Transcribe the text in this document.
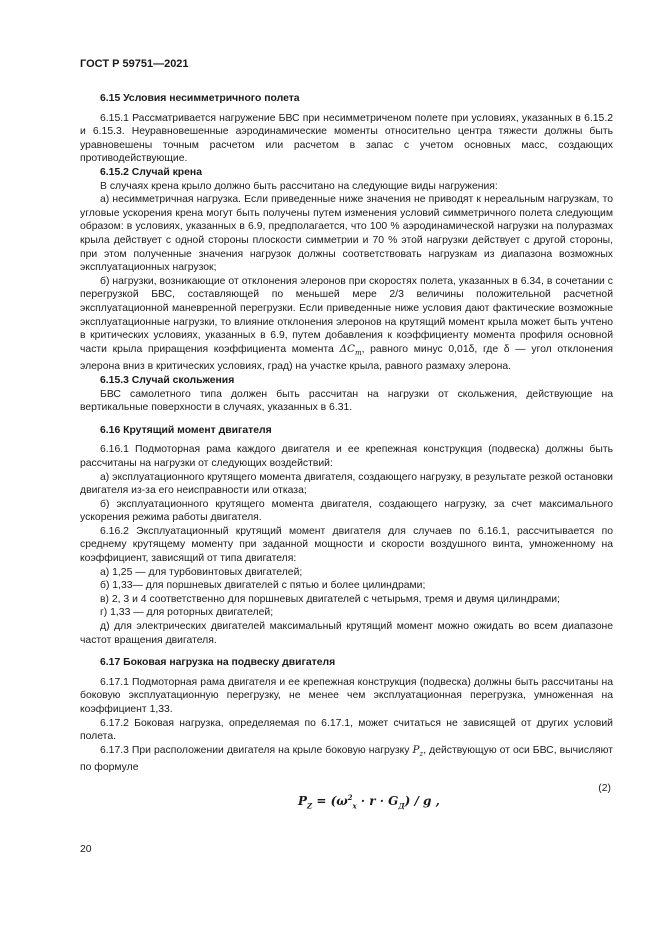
ГОСТ Р 59751—2021

6.15 Условия несимметричного полета

6.15.1 Рассматривается нагружение БВС при несимметриченом полете при условиях, указанных в 6.15.2 и 6.15.3. Неуравновешенные аэродинамические моменты относительно центра тяжести должны быть уравновешены точным расчетом или расчетом в запас с учетом основных масс, создающих противодействующие.

6.15.2 Случай крена

В случаях крена крыло должно быть рассчитано на следующие виды нагружения:

а) несимметричная нагрузка. Если приведенные ниже значения не приводят к нереальным нагрузкам, то угловые ускорения крена могут быть получены путем изменения условий симметричного полета следующим образом: в условиях, указанных в 6.9, предполагается, что 100 % аэродинамической нагрузки на полуразмах крыла действует с одной стороны плоскости симметрии и 70 % этой нагрузки действует с другой стороны, при этом полученные значения нагрузок должны соответствовать нагрузкам из диапазона возможных эксплуатационных нагрузок;

б) нагрузки, возникающие от отклонения элеронов при скоростях полета, указанных в 6.34, в сочетании с перегрузкой БВС, составляющей по меньшей мере 2/3 величины положительной расчетной эксплуатационной маневренной перегрузки. Если приведенные ниже условия дают фактические возможные эксплуатационные нагрузки, то влияние отклонения элеронов на крутящий момент крыла может быть учтено в критических условиях, указанных в 6.9, путем добавления к коэффициенту момента профиля основной части крыла приращения коэффициента момента $\Delta C_m$, равного минус 0,01δ, где δ — угол отклонения элерона вниз в критических условиях, град) на участке крыла, равного размаху элерона.

6.15.3 Случай скольжения

БВС самолетного типа должен быть рассчитан на нагрузки от скольжения, действующие на вертикальные поверхности в случаях, указанных в 6.31.

6.16 Крутящий момент двигателя

6.16.1 Подмоторная рама каждого двигателя и ее крепежная конструкция (подвеска) должны быть рассчитаны на нагрузки от следующих воздействий:

а) эксплуатационного крутящего момента двигателя, создающего нагрузку, в результате резкой остановки двигателя из-за его неисправности или отказа;

б) эксплуатационного крутящего момента двигателя, создающего нагрузку, за счет максимального ускорения режима работы двигателя.

6.16.2 Эксплуатационный крутящий момент двигателя для случаев по 6.16.1, рассчитывается по среднему крутящему моменту при заданной мощности и скорости воздушного винта, умноженному на коэффициент, зависящий от типа двигателя:

а) 1,25 — для турбовинтовых двигателей;

б) 1,33— для поршневых двигателей с пятью и более цилиндрами;

в) 2, 3 и 4 соответственно для поршневых двигателей с четырьмя, тремя и двумя цилиндрами;

г) 1,33 — для роторных двигателей;

д) для электрических двигателей максимальный крутящий момент можно ожидать во всем диапазоне частот вращения двигателя.

6.17 Боковая нагрузка на подвеску двигателя

6.17.1 Подмоторная рама двигателя и ее крепежная конструкция (подвеска) должны быть рассчитаны на боковую эксплуатационную перегрузку, не менее чем эксплуатационная перегрузка, умноженная на коэффициент 1,33.

6.17.2 Боковая нагрузка, определяемая по 6.17.1, может считаться не зависящей от других условий полета.

6.17.3 При расположении двигателя на крыле боковую нагрузку $P_z$, действующую от оси БВС, вычисляют по формуле

$P_Z = (\omega^2_x \cdot r \cdot G_Д) / g$ ,
(2)
20
